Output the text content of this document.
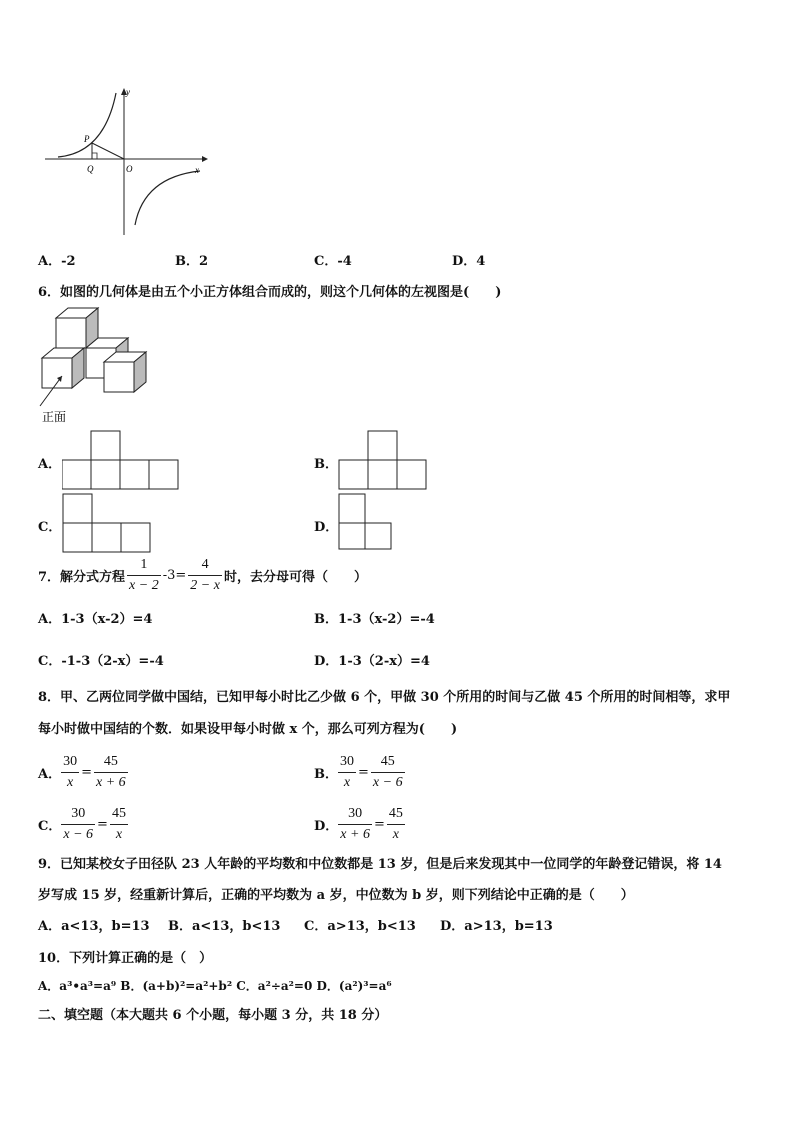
y
x
P
Q	O
A．-2	B．2	C．-4	D．4
6．如图的几何体是由五个小正方体组合而成的，则这个几何体的左视图是(　　)
正面
A．	B．
C．	D．
7．解分式方程 $\frac{1}{x - 2} -3= \frac{4}{2 - x}$ 时，去分母可得（　　）
A．1-3（x-2）=4	B．1-3（x-2）=-4
C．-1-3（2-x）=-4	D．1-3（2-x）=4
8．甲、乙两位同学做中国结，已知甲每小时比乙少做 6 个，甲做 30 个所用的时间与乙做 45 个所用的时间相等，求甲
每小时做中国结的个数．如果设甲每小时做 x 个，那么可列方程为(　　)
A． $\frac{30}{x} = \frac{45}{x + 6}$	B． $\frac{30}{x} = \frac{45}{x - 6}$
C． $\frac{30}{x - 6} = \frac{45}{x}$	D． $\frac{30}{x + 6} = \frac{45}{x}$
9．已知某校女子田径队 23 人年龄的平均数和中位数都是 13 岁，但是后来发现其中一位同学的年龄登记错误，将 14
岁写成 15 岁，经重新计算后，正确的平均数为 a 岁，中位数为 b 岁，则下列结论中正确的是（　　）
A．a<13，b=13 B．a<13，b<13 C．a>13，b<13 D．a>13，b=13
10．下列计算正确的是（　）
A．a³•a³=a⁹ B．(a+b)²=a²+b² C．a²÷a²=0 D．(a²)³=a⁶
二、填空题（本大题共 6 个小题，每小题 3 分，共 18 分）
